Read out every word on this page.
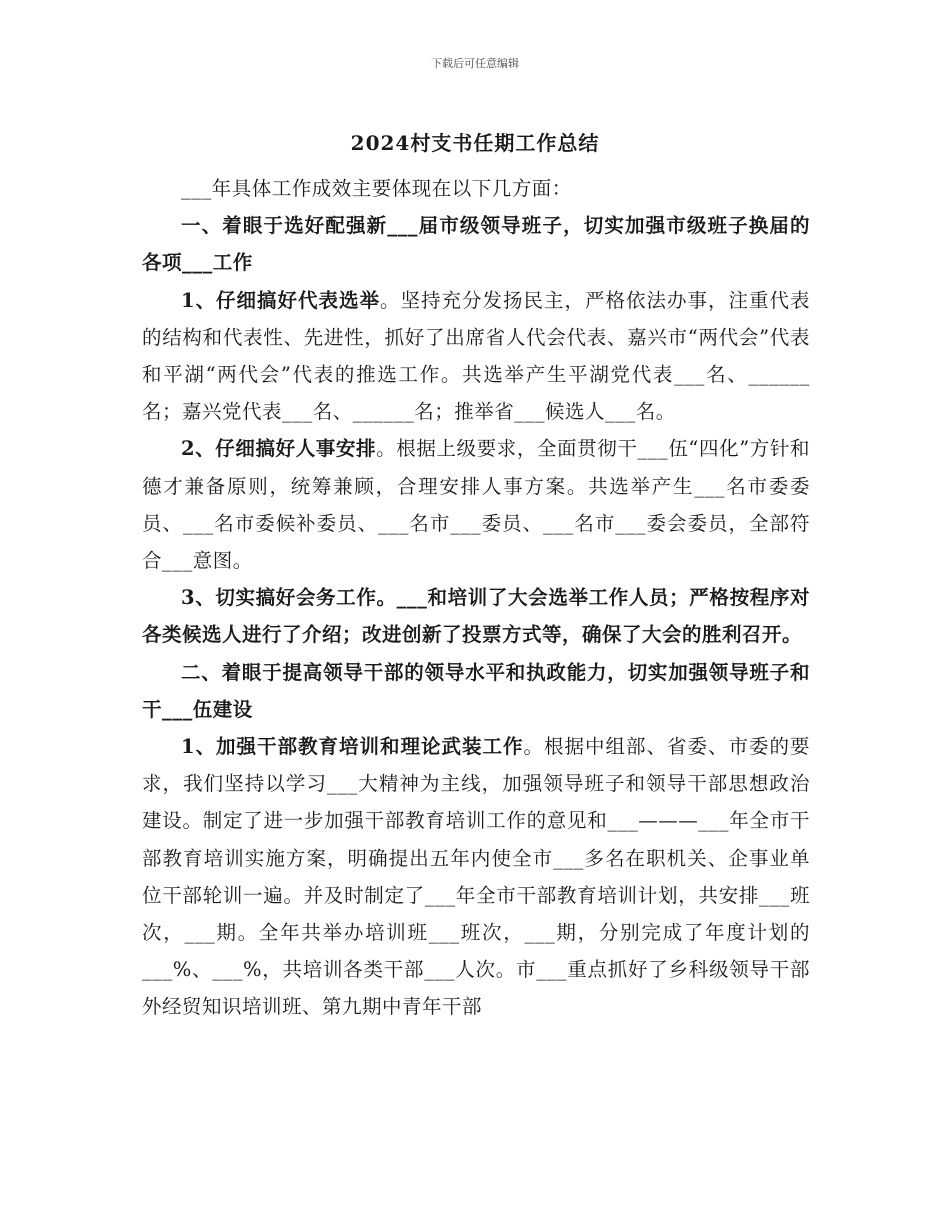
下载后可任意编辑
2024村支书任期工作总结

___年具体工作成效主要体现在以下几方面：

一、着眼于选好配强新___届市级领导班子，切实加强市级班子换届的各项___工作

1、仔细搞好代表选举。坚持充分发扬民主，严格依法办事，注重代表的结构和代表性、先进性，抓好了出席省人代会代表、嘉兴市“两代会”代表和平湖“两代会”代表的推选工作。共选举产生平湖党代表___名、______名；嘉兴党代表___名、______名；推举省___候选人___名。

2、仔细搞好人事安排。根据上级要求，全面贯彻干___伍“四化”方针和德才兼备原则，统筹兼顾，合理安排人事方案。共选举产生___名市委委员、___名市委候补委员、___名市___委员、___名市___委会委员，全部符合___意图。

3、切实搞好会务工作。___和培训了大会选举工作人员；严格按程序对各类候选人进行了介绍；改进创新了投票方式等，确保了大会的胜利召开。

二、着眼于提高领导干部的领导水平和执政能力，切实加强领导班子和干___伍建设

1、加强干部教育培训和理论武装工作。根据中组部、省委、市委的要求，我们坚持以学习___大精神为主线，加强领导班子和领导干部思想政治建设。制定了进一步加强干部教育培训工作的意见和___———___年全市干部教育培训实施方案，明确提出五年内使全市___多名在职机关、企事业单位干部轮训一遍。并及时制定了___年全市干部教育培训计划，共安排___班次，___期。全年共举办培训班___班次，___期，分别完成了年度计划的___%、___%，共培训各类干部___人次。市___重点抓好了乡科级领导干部外经贸知识培训班、第九期中青年干部
